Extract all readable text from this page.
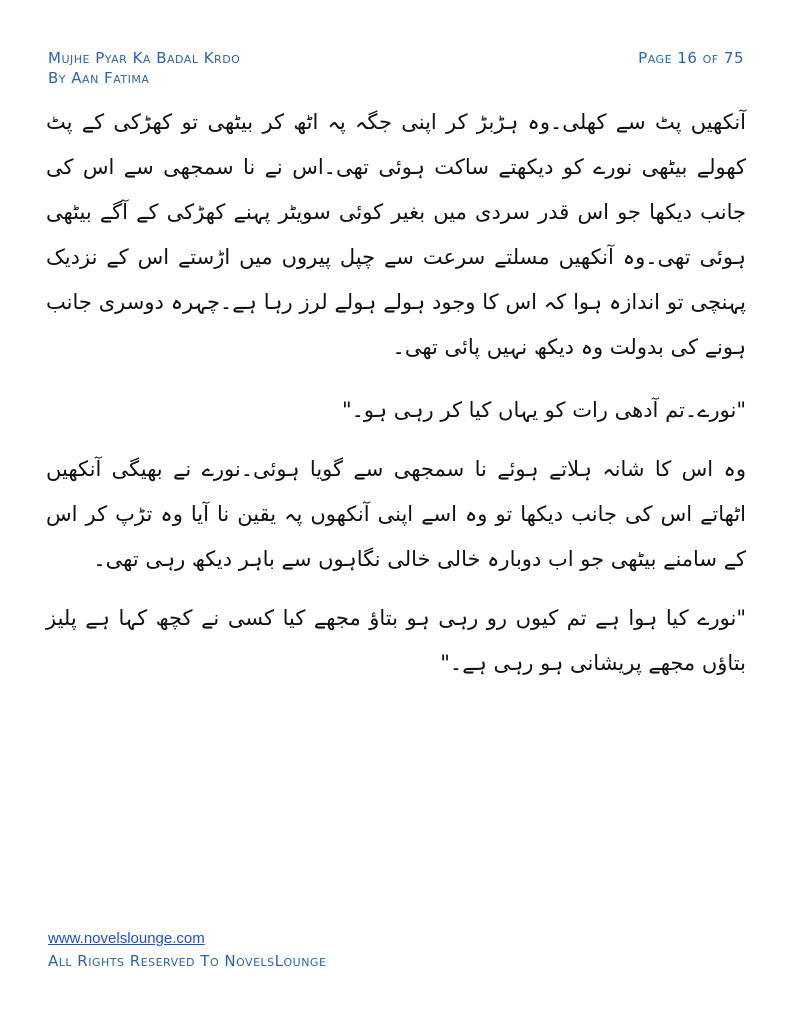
Mujhe Pyar Ka Badal Krdo
By Aan Fatima
Page 16 of 75

آنکھیں پٹ سے کھلی۔وہ ہڑبڑ کر اپنی جگہ پہ اٹھ کر بیٹھی تو کھڑکی کے پٹ کھولے بیٹھی نورے کو دیکھتے ساکت ہوئی تھی۔اس نے نا سمجھی سے اس کی جانب دیکھا جو اس قدر سردی میں بغیر کوئی سویٹر پہنے کھڑکی کے آگے بیٹھی ہوئی تھی۔وہ آنکھیں مسلتے سرعت سے چپل پیروں میں اڑستے اس کے نزدیک پہنچی تو اندازہ ہوا کہ اس کا وجود ہولے ہولے لرز رہا ہے۔چہرہ دوسری جانب ہونے کی بدولت وہ دیکھ نہیں پائی تھی۔

"نورے۔تم آدھی رات کو یہاں کیا کر رہی ہو۔"

وہ اس کا شانہ ہلاتے ہوئے نا سمجھی سے گویا ہوئی۔نورے نے بھیگی آنکھیں اٹھاتے اس کی جانب دیکھا تو وہ اسے اپنی آنکھوں پہ یقین نا آیا وہ تڑپ کر اس کے سامنے بیٹھی جو اب دوبارہ خالی خالی نگاہوں سے باہر دیکھ رہی تھی۔

"نورے کیا ہوا ہے تم کیوں رو رہی ہو بتاؤ مجھے کیا کسی نے کچھ کہا ہے پلیز بتاؤں مجھے پریشانی ہو رہی ہے۔"

www.novelslounge.com
All Rights Reserved To NovelsLounge
